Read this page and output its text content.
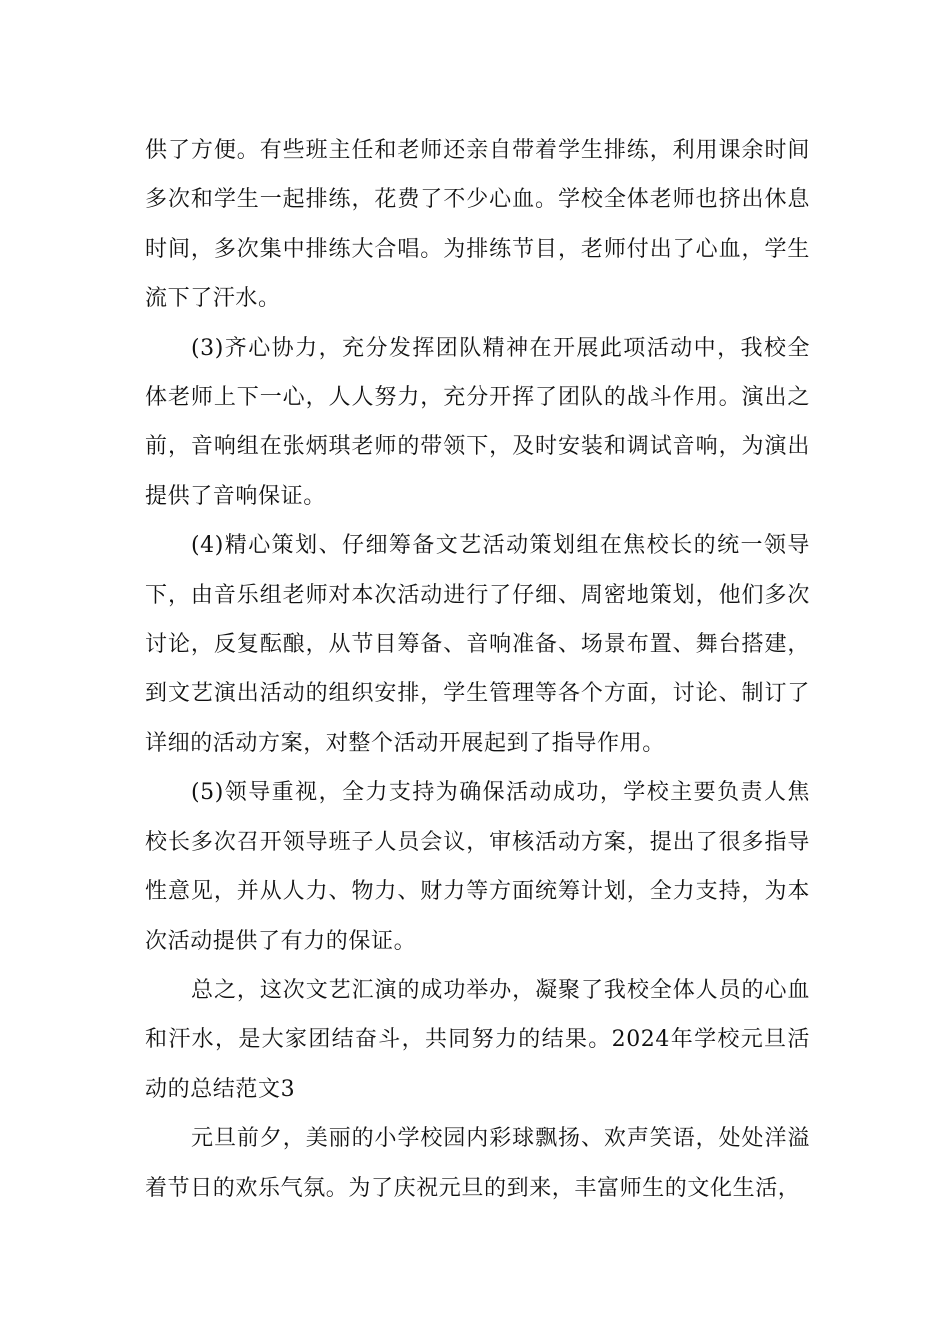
供了方便。有些班主任和老师还亲自带着学生排练，利用课余时间多次和学生一起排练，花费了不少心血。学校全体老师也挤出休息时间，多次集中排练大合唱。为排练节目，老师付出了心血，学生流下了汗水。

(3)齐心协力，充分发挥团队精神在开展此项活动中，我校全体老师上下一心，人人努力，充分开挥了团队的战斗作用。演出之前，音响组在张炳琪老师的带领下，及时安装和调试音响，为演出提供了音响保证。

(4)精心策划、仔细筹备文艺活动策划组在焦校长的统一领导下，由音乐组老师对本次活动进行了仔细、周密地策划，他们多次讨论，反复酝酿，从节目筹备、音响准备、场景布置、舞台搭建，到文艺演出活动的组织安排，学生管理等各个方面，讨论、制订了详细的活动方案，对整个活动开展起到了指导作用。

(5)领导重视，全力支持为确保活动成功，学校主要负责人焦校长多次召开领导班子人员会议，审核活动方案，提出了很多指导性意见，并从人力、物力、财力等方面统筹计划，全力支持，为本次活动提供了有力的保证。

总之，这次文艺汇演的成功举办，凝聚了我校全体人员的心血和汗水，是大家团结奋斗，共同努力的结果。2024年学校元旦活动的总结范文3

元旦前夕，美丽的小学校园内彩球飘扬、欢声笑语，处处洋溢着节日的欢乐气氛。为了庆祝元旦的到来，丰富师生的文化生活，
